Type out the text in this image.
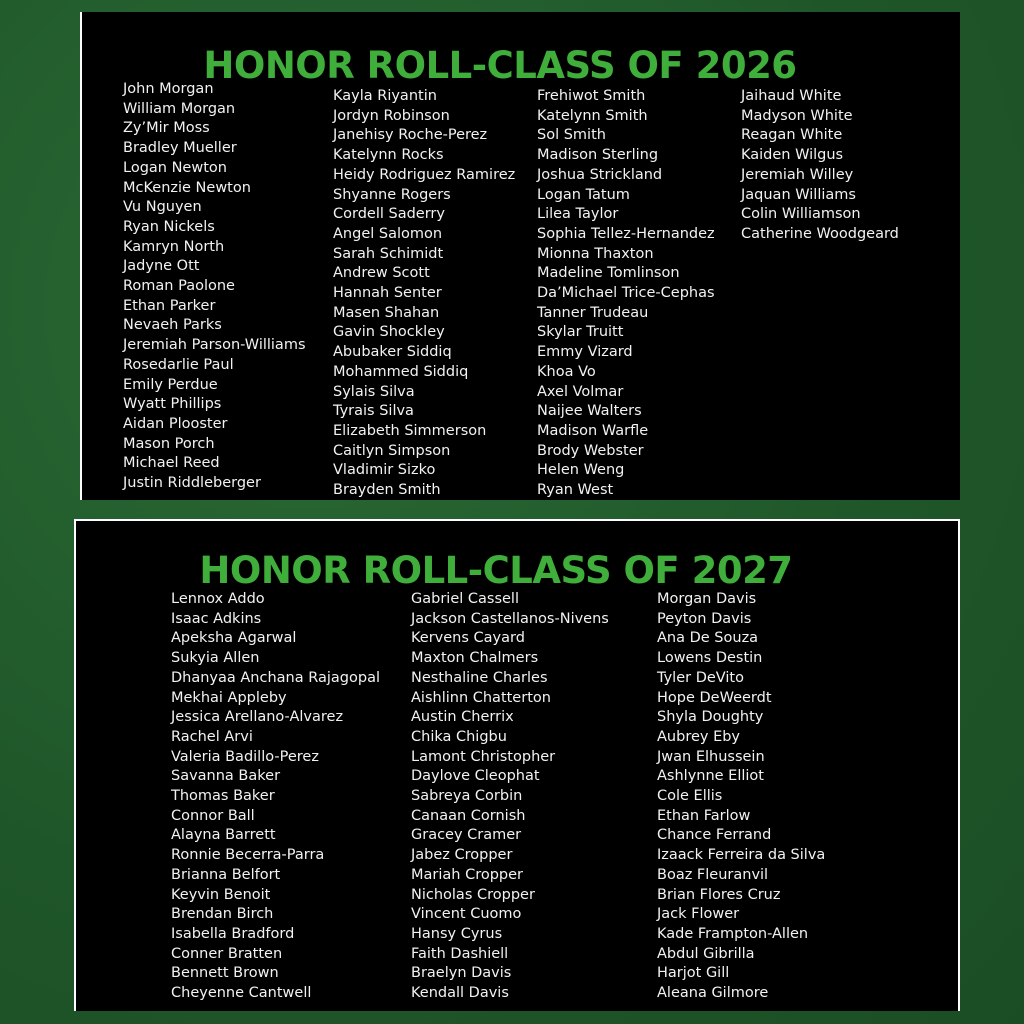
HONOR ROLL-CLASS OF 2026
HONOR ROLL-CLASS OF 2027
John Morgan
William Morgan
Zy’Mir Moss
Bradley Mueller
Logan Newton
McKenzie Newton
Vu Nguyen
Ryan Nickels
Kamryn North
Jadyne Ott
Roman Paolone
Ethan Parker
Nevaeh Parks
Jeremiah Parson-Williams
Rosedarlie Paul
Emily Perdue
Wyatt Phillips
Aidan Plooster
Mason Porch
Michael Reed
Justin Riddleberger
Kayla Riyantin
Jordyn Robinson
Janehisy Roche-Perez
Katelynn Rocks
Heidy Rodriguez Ramirez
Shyanne Rogers
Cordell Saderry
Angel Salomon
Sarah Schimidt
Andrew Scott
Hannah Senter
Masen Shahan
Gavin Shockley
Abubaker Siddiq
Mohammed Siddiq
Sylais Silva
Tyrais Silva
Elizabeth Simmerson
Caitlyn Simpson
Vladimir Sizko
Brayden Smith
Frehiwot Smith
Katelynn Smith
Sol Smith
Madison Sterling
Joshua Strickland
Logan Tatum
Lilea Taylor
Sophia Tellez-Hernandez
Mionna Thaxton
Madeline Tomlinson
Da’Michael Trice-Cephas
Tanner Trudeau
Skylar Truitt
Emmy Vizard
Khoa Vo
Axel Volmar
Naijee Walters
Madison Warfle
Brody Webster
Helen Weng
Ryan West
Jaihaud White
Madyson White
Reagan White
Kaiden Wilgus
Jeremiah Willey
Jaquan Williams
Colin Williamson
Catherine Woodgeard
Lennox Addo
Isaac Adkins
Apeksha Agarwal
Sukyia Allen
Dhanyaa Anchana Rajagopal
Mekhai Appleby
Jessica Arellano-Alvarez
Rachel Arvi
Valeria Badillo-Perez
Savanna Baker
Thomas Baker
Connor Ball
Alayna Barrett
Ronnie Becerra-Parra
Brianna Belfort
Keyvin Benoit
Brendan Birch
Isabella Bradford
Conner Bratten
Bennett Brown
Cheyenne Cantwell
Gabriel Cassell
Jackson Castellanos-Nivens
Kervens Cayard
Maxton Chalmers
Nesthaline Charles
Aishlinn Chatterton
Austin Cherrix
Chika Chigbu
Lamont Christopher
Daylove Cleophat
Sabreya Corbin
Canaan Cornish
Gracey Cramer
Jabez Cropper
Mariah Cropper
Nicholas Cropper
Vincent Cuomo
Hansy Cyrus
Faith Dashiell
Braelyn Davis
Kendall Davis
Morgan Davis
Peyton Davis
Ana De Souza
Lowens Destin
Tyler DeVito
Hope DeWeerdt
Shyla Doughty
Aubrey Eby
Jwan Elhussein
Ashlynne Elliot
Cole Ellis
Ethan Farlow
Chance Ferrand
Izaack Ferreira da Silva
Boaz Fleuranvil
Brian Flores Cruz
Jack Flower
Kade Frampton-Allen
Abdul Gibrilla
Harjot Gill
Aleana Gilmore
